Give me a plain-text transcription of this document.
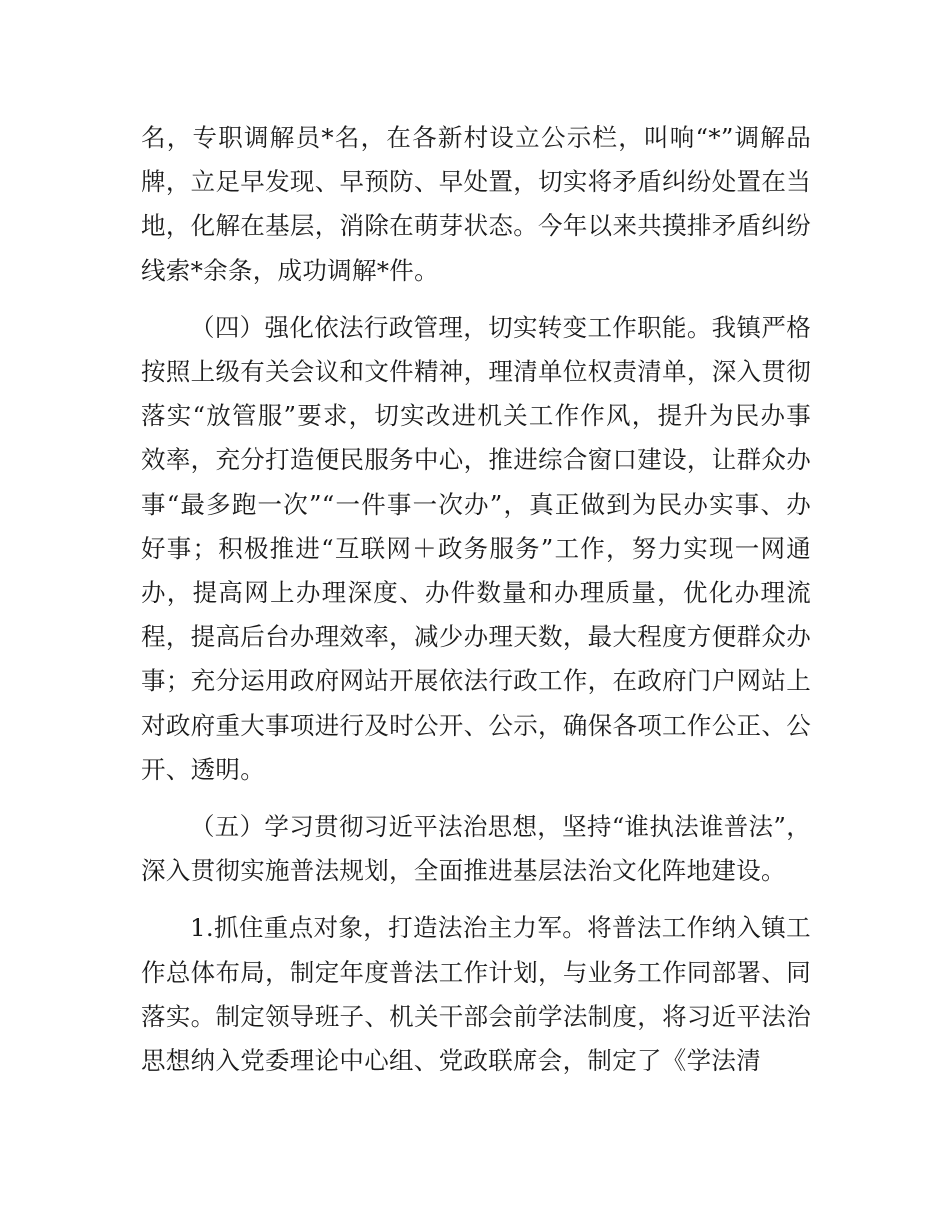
名，专职调解员*名，在各新村设立公示栏，叫响“*”调解品牌，立足早发现、早预防、早处置，切实将矛盾纠纷处置在当地，化解在基层，消除在萌芽状态。今年以来共摸排矛盾纠纷线索*余条，成功调解*件。

（四）强化依法行政管理，切实转变工作职能。我镇严格按照上级有关会议和文件精神，理清单位权责清单，深入贯彻落实“放管服”要求，切实改进机关工作作风，提升为民办事效率，充分打造便民服务中心，推进综合窗口建设，让群众办事“最多跑一次”“一件事一次办”，真正做到为民办实事、办好事；积极推进“互联网＋政务服务”工作，努力实现一网通办，提高网上办理深度、办件数量和办理质量，优化办理流程，提高后台办理效率，减少办理天数，最大程度方便群众办事；充分运用政府网站开展依法行政工作，在政府门户网站上对政府重大事项进行及时公开、公示，确保各项工作公正、公开、透明。

（五）学习贯彻习近平法治思想，坚持“谁执法谁普法”，深入贯彻实施普法规划，全面推进基层法治文化阵地建设。

1.抓住重点对象，打造法治主力军。将普法工作纳入镇工作总体布局，制定年度普法工作计划，与业务工作同部署、同落实。制定领导班子、机关干部会前学法制度，将习近平法治思想纳入党委理论中心组、党政联席会，制定了《学法清
